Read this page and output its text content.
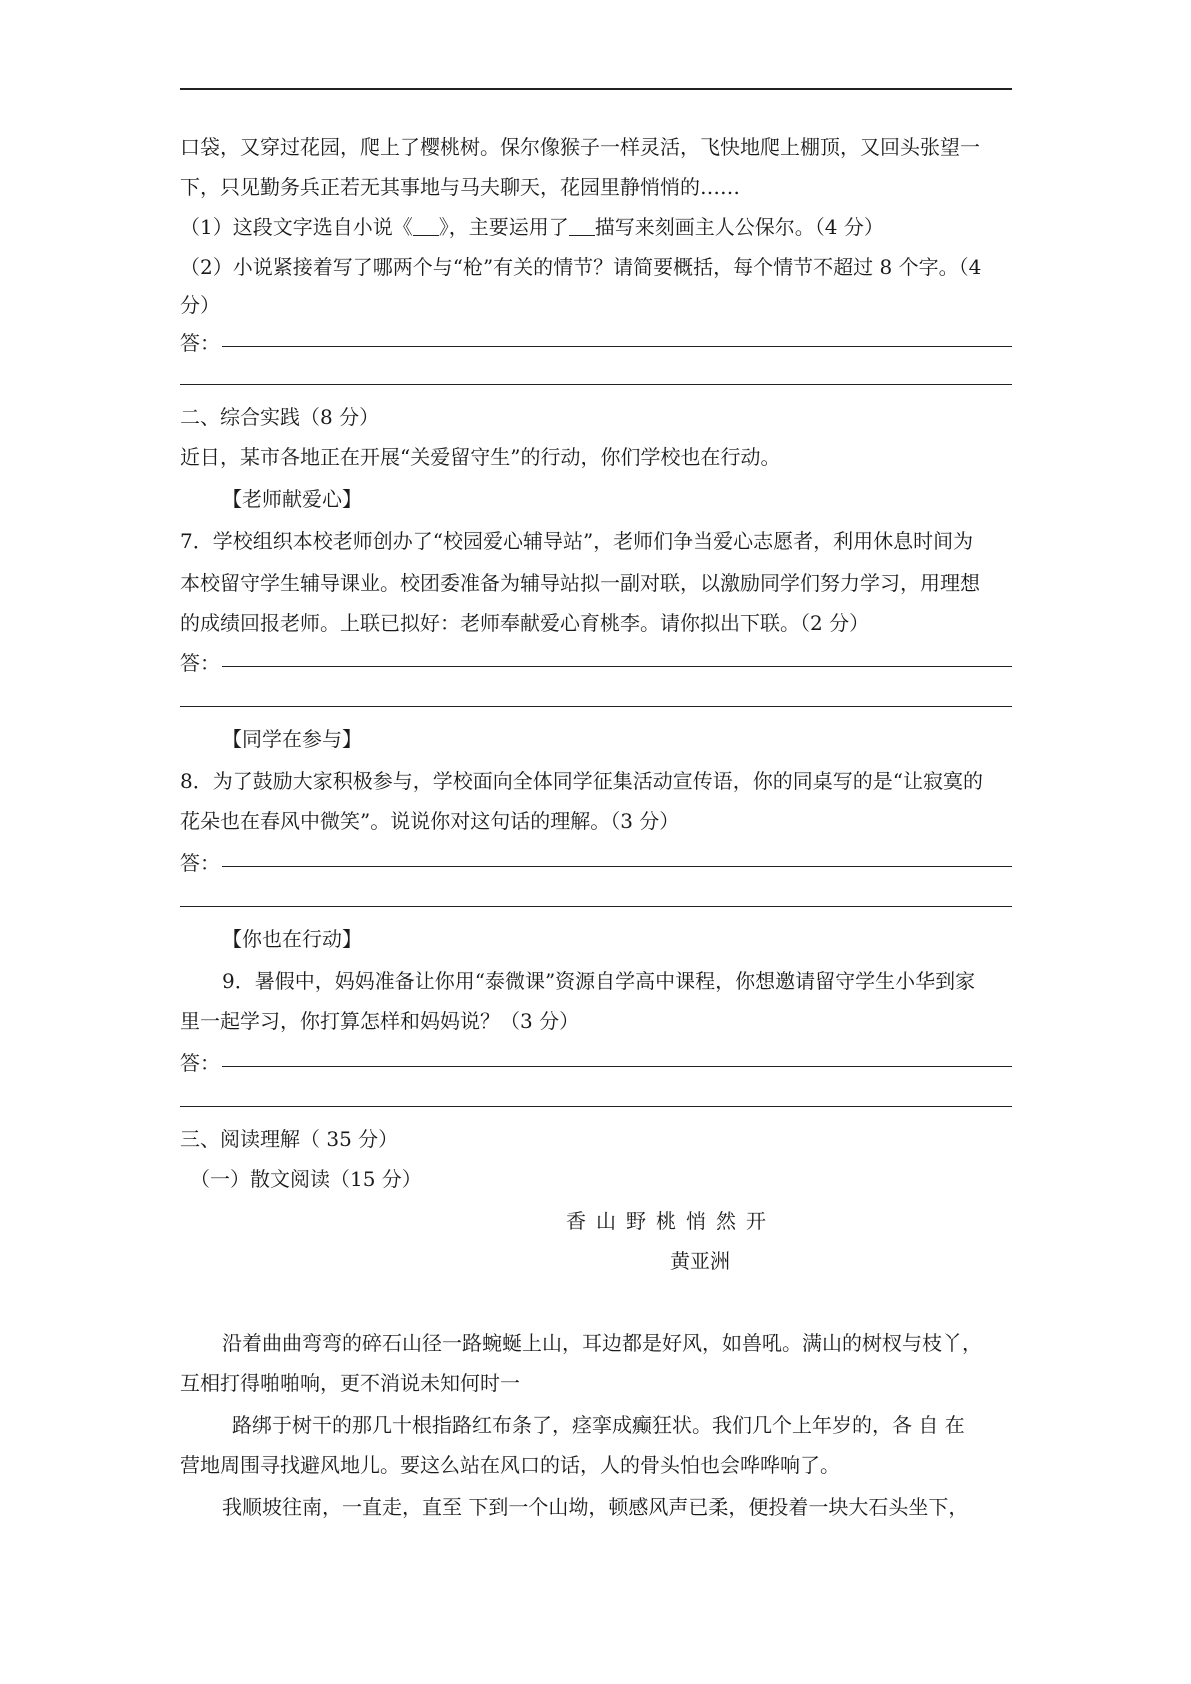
口袋，又穿过花园，爬上了樱桃树。保尔像猴子一样灵活，飞快地爬上棚顶，又回头张望一
下，只见勤务兵正若无其事地与马夫聊天，花园里静悄悄的……
（1）这段文字选自小说《 》，主要运用了 描写来刻画主人公保尔。（4 分）
（2）小说紧接着写了哪两个与“枪”有关的情节？请简要概括，每个情节不超过 8 个字。（4
分）
答：
二、综合实践（8 分）
近日，某市各地正在开展“关爱留守生”的行动，你们学校也在行动。
【老师献爱心】
7．学校组织本校老师创办了“校园爱心辅导站”，老师们争当爱心志愿者，利用休息时间为
本校留守学生辅导课业。校团委准备为辅导站拟一副对联，以激励同学们努力学习，用理想
的成绩回报老师。上联已拟好：老师奉献爱心育桃李。请你拟出下联。（2 分）
答：
【同学在参与】
8．为了鼓励大家积极参与，学校面向全体同学征集活动宣传语，你的同桌写的是“让寂寞的
花朵也在春风中微笑”。说说你对这句话的理解。（3 分）
答：
【你也在行动】
9．暑假中，妈妈准备让你用“泰微课”资源自学高中课程，你想邀请留守学生小华到家
里一起学习，你打算怎样和妈妈说？（3 分）
答：
三、阅读理解（ 35 分）
（一）散文阅读（15 分）
香山野桃悄然开
黄亚洲
沿着曲曲弯弯的碎石山径一路蜿蜒上山，耳边都是好风，如兽吼。满山的树杈与枝丫，
互相打得啪啪响，更不消说未知何时一
路绑于树干的那几十根指路红布条了，痉挛成癫狂状。我们几个上年岁的，各 自 在
营地周围寻找避风地儿。要这么站在风口的话，人的骨头怕也会哗哗响了。
我顺坡往南，一直走，直至 下到一个山坳，顿感风声已柔，便投着一块大石头坐下，
